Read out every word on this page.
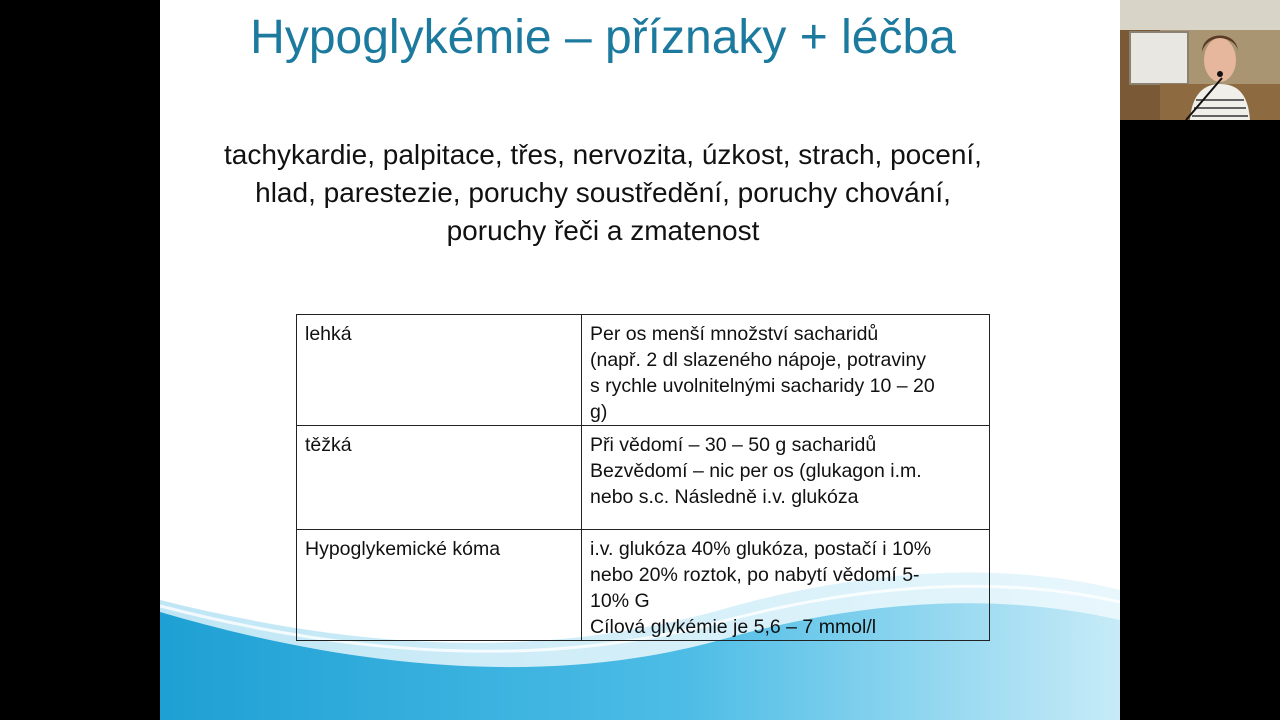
Hypoglykémie – příznaky + léčba
tachykardie, palpitace, třes, nervozita, úzkost, strach, pocení,
hlad, parestezie, poruchy soustředění, poruchy chování,
poruchy řeči a zmatenost
lehká	Per os menší množství sacharidů
(např. 2 dl slazeného nápoje, potraviny
s rychle uvolnitelnými sacharidy 10 – 20
g)

těžká	Při vědomí – 30 – 50 g sacharidů
Bezvědomí – nic per os (glukagon i.m.
nebo s.c. Následně i.v. glukóza

Hypoglykemické kóma	i.v. glukóza 40% glukóza, postačí i 10%
nebo 20% roztok, po nabytí vědomí 5-
10% G
Cílová glykémie je 5,6 – 7 mmol/l
